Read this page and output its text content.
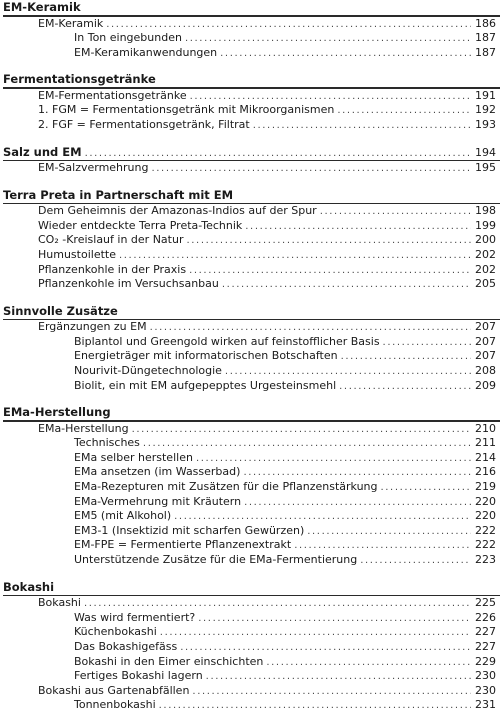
EM-Keramik
EM-Keramik .....	186
In Ton eingebunden .....	187
EM-Keramikanwendungen .....	187
Fermentationsgetränke
EM-Fermentationsgetränke .....	191
1. FGM = Fermentationsgetränk mit Mikroorganismen .....	192
2. FGF = Fermentationsgetränk, Filtrat .....	193
Salz und EM .....	194
EM-Salzvermehrung .....	195
Terra Preta in Partnerschaft mit EM
Dem Geheimnis der Amazonas-Indios auf der Spur .....	198
Wieder entdeckte Terra Preta-Technik .....	199
CO₂ -Kreislauf in der Natur .....	200
Humustoilette .....	202
Pflanzenkohle in der Praxis .....	202
Pflanzenkohle im Versuchsanbau .....	205
Sinnvolle Zusätze
Ergänzungen zu EM .....	207
Biplantol und Greengold wirken auf feinstofflicher Basis .....	207
Energieträger mit informatorischen Botschaften .....	207
Nourivit-Düngetechnologie .....	208
Biolit, ein mit EM aufgepepptes Urgesteinsmehl .....	209
EMa-Herstellung
EMa-Herstellung .....	210
Technisches .....	211
EMa selber herstellen .....	214
EMa ansetzen (im Wasserbad) .....	216
EMa-Rezepturen mit Zusätzen für die Pflanzenstärkung .....	219
EMa-Vermehrung mit Kräutern .....	220
EM5 (mit Alkohol) .....	220
EM3-1 (Insektizid mit scharfen Gewürzen) .....	222
EM-FPE = Fermentierte Pflanzenextrakt .....	222
Unterstützende Zusätze für die EMa-Fermentierung .....	223
Bokashi
Bokashi .....	225
Was wird fermentiert? .....	226
Küchenbokashi .....	227
Das Bokashigefäss .....	227
Bokashi in den Eimer einschichten .....	229
Fertiges Bokashi lagern .....	230
Bokashi aus Gartenabfällen .....	230
Tonnenbokashi .....	231
